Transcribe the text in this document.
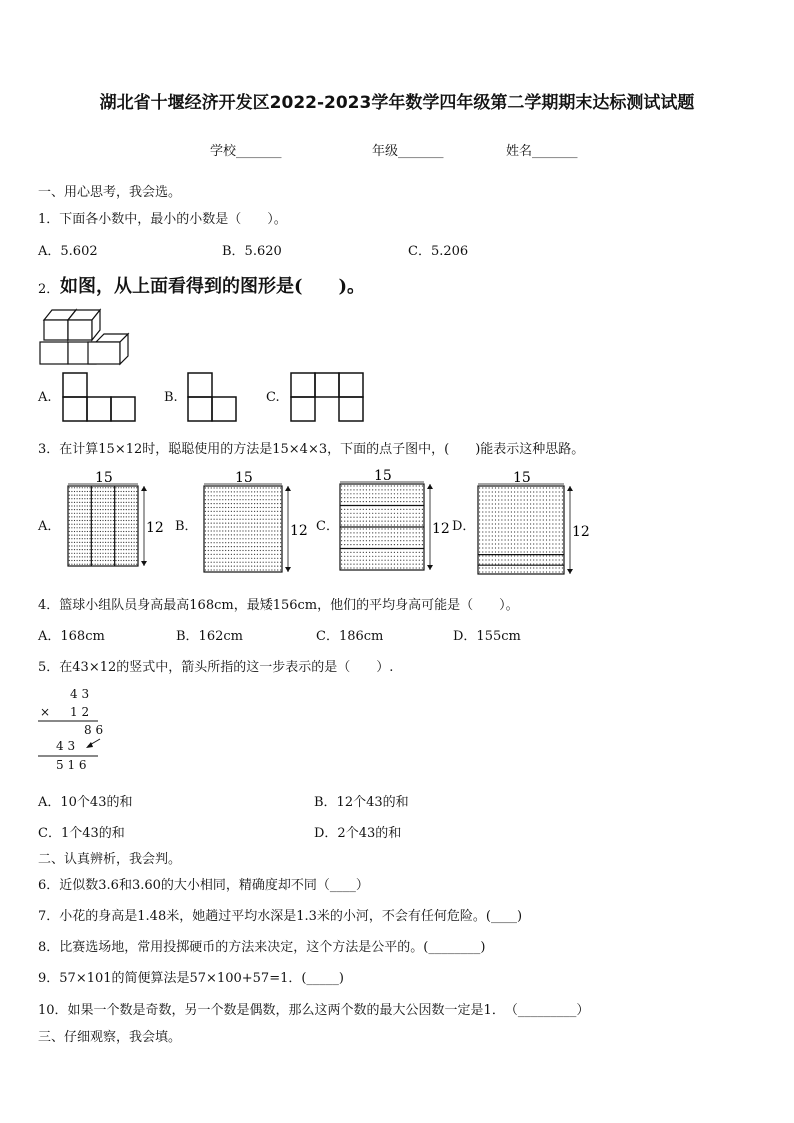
湖北省十堰经济开发区2022-2023学年数学四年级第二学期期末达标测试试题
学校_______	年级_______	姓名_______
一、用心思考，我会选。
1．下面各小数中，最小的小数是（　　）。
A．5.602	B．5.620	C．5.206
2． 如图，从上面看得到的图形是(　　)。
A.	B.	C.
3．在计算15×12时，聪聪使用的方法是15×4×3，下面的点子图中，(　　)能表示这种思路。
A．	B．	C．	D．
15
12
15
12
15
12
15
12
4．篮球小组队员身高最高168cm，最矮156cm，他们的平均身高可能是（　　）。
A．168cm	B．162cm	C．186cm	D．155cm
5．在43×12的竖式中，箭头所指的这一步表示的是（　　）.
4 3
× 1 2
8 6
4 3
5 1 6
A．10个43的和	B．12个43的和
C．1个43的和	D．2个43的和
二、认真辨析，我会判。
6．近似数3.6和3.60的大小相同，精确度却不同（____）
7．小花的身高是1.48米，她趟过平均水深是1.3米的小河，不会有任何危险。(____)
8．比赛选场地，常用投掷硬币的方法来决定，这个方法是公平的。(________)
9．57×101的简便算法是57×100+57=1．(_____)
10．如果一个数是奇数，另一个数是偶数，那么这两个数的最大公因数一定是1．　（_________）
三、仔细观察，我会填。
